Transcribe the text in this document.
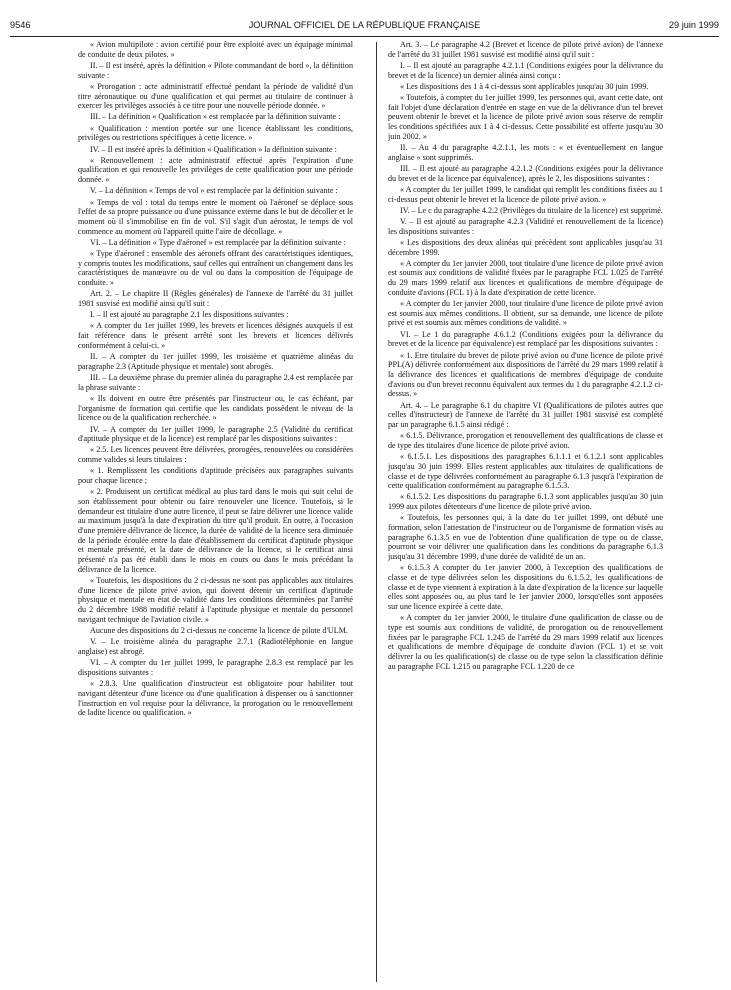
9546	JOURNAL OFFICIEL DE LA RÉPUBLIQUE FRANÇAISE	29 juin 1999

« Avion multipilote : avion certifié pour être exploité avec un équipage minimal de conduite de deux pilotes. »

II. – Il est inséré, après la définition « Pilote commandant de bord », la définition suivante :

« Prorogation : acte administratif effectué pendant la période de validité d'un titre aéronautique ou d'une qualification et qui permet au titulaire de continuer à exercer les privilèges associés à ce titre pour une nouvelle période donnée. »

III. – La définition « Qualification » est remplacée par la définition suivante :

« Qualification : mention portée sur une licence établissant les conditions, privilèges ou restrictions spécifiques à cette licence. »

IV. – Il est inséré après la définition « Qualification » la définition suivante :

« Renouvellement : acte administratif effectué après l'expiration d'une qualification et qui renouvelle les privilèges de cette qualification pour une période donnée. »

V. – La définition « Temps de vol » est remplacée par la définition suivante :

« Temps de vol : total du temps entre le moment où l'aéronef se déplace sous l'effet de sa propre puissance ou d'une puissance externe dans le but de décoller et le moment où il s'immobilise en fin de vol. S'il s'agit d'un aérostat, le temps de vol commence au moment où l'appareil quitte l'aire de décollage. »

VI. – La définition « Type d'aéronef » est remplacée par la définition suivante :

« Type d'aéronef : ensemble des aéronefs offrant des caractéristiques identiques, y compris toutes les modifications, sauf celles qui entraînent un changement dans les caractéristiques de manœuvre ou de vol ou dans la composition de l'équipage de conduite. »

Art. 2. – Le chapitre II (Règles générales) de l'annexe de l'arrêté du 31 juillet 1981 susvisé est modifié ainsi qu'il suit :

I. – Il est ajouté au paragraphe 2.1 les dispositions suivantes :

« A compter du 1er juillet 1999, les brevets et licences désignés auxquels il est fait référence dans le présent arrêté sont les brevets et licences délivrés conformément à celui-ci. »

II. – A compter du 1er juillet 1999, les troisième et quatrième alinéas du paragraphe 2.3 (Aptitude physique et mentale) sont abrogés.

III. – La deuxième phrase du premier alinéa du paragraphe 2.4 est remplacée par la phrase suivante :

« Ils doivent en outre être présentés par l'instructeur ou, le cas échéant, par l'organisme de formation qui certifie que les candidats possèdent le niveau de la licence ou de la qualification recherchée. »

IV. – A compter du 1er juillet 1999, le paragraphe 2.5 (Validité du certificat d'aptitude physique et de la licence) est remplacé par les dispositions suivantes :

« 2.5. Les licences peuvent être délivrées, prorogées, renouvelées ou considérées comme valides si leurs titulaires :

« 1. Remplissent les conditions d'aptitude précisées aux paragraphes suivants pour chaque licence ;

« 2. Produisent un certificat médical au plus tard dans le mois qui suit celui de son établissement pour obtenir ou faire renouveler une licence. Toutefois, si le demandeur est titulaire d'une autre licence, il peut se faire délivrer une licence valide au maximum jusqu'à la date d'expiration du titre qu'il produit. En outre, à l'occasion d'une première délivrance de licence, la durée de validité de la licence sera diminuée de la période écoulée entre la date d'établissement du certificat d'aptitude physique et mentale présenté, et la date de délivrance de la licence, si le certificat ainsi présenté n'a pas été établi dans le mois en cours ou dans le mois précédant la délivrance de la licence.

« Toutefois, les dispositions du 2 ci-dessus ne sont pas applicables aux titulaires d'une licence de pilote privé avion, qui doivent détenir un certificat d'aptitude physique et mentale en état de validité dans les conditions déterminées par l'arrêté du 2 décembre 1988 modifié relatif à l'aptitude physique et mentale du personnel navigant technique de l'aviation civile. »

Aucune des dispositions du 2 ci-dessus ne concerne la licence de pilote d'ULM.

V. – Le troisième alinéa du paragraphe 2.7.1 (Radiotéléphonie en langue anglaise) est abrogé.

VI. – A compter du 1er juillet 1999, le paragraphe 2.8.3 est remplacé par les dispositions suivantes :

« 2.8.3. Une qualification d'instructeur est obligatoire pour habiliter tout navigant détenteur d'une licence ou d'une qualification à dispenser ou à sanctionner l'instruction en vol requise pour la délivrance, la prorogation ou le renouvellement de ladite licence ou qualification. »

Art. 3. – Le paragraphe 4.2 (Brevet et licence de pilote privé avion) de l'annexe de l'arrêté du 31 juillet 1981 susvisé est modifié ainsi qu'il suit :

I. – Il est ajouté au paragraphe 4.2.1.1 (Conditions exigées pour la délivrance du brevet et de la licence) un dernier alinéa ainsi conçu :

« Les dispositions des 1 à 4 ci-dessus sont applicables jusqu'au 30 juin 1999.

« Toutefois, à compter du 1er juillet 1999, les personnes qui, avant cette date, ont fait l'objet d'une déclaration d'entrée en stage en vue de la délivrance d'un tel brevet peuvent obtenir le brevet et la licence de pilote privé avion sous réserve de remplir les conditions spécifiées aux 1 à 4 ci-dessus. Cette possibilité est offerte jusqu'au 30 juin 2002. »

II. – Au 4 du paragraphe 4.2.1.1, les mots : « et éventuellement en langue anglaise » sont supprimés.

III. – Il est ajouté au paragraphe 4.2.1.2 (Conditions exigées pour la délivrance du brevet et de la licence par équivalence), après le 2, les dispositions suivantes :

« A compter du 1er juillet 1999, le candidat qui remplit les conditions fixées au 1 ci-dessus peut obtenir le brevet et la licence de pilote privé avion. »

IV. – Le c du paragraphe 4.2.2 (Privilèges du titulaire de la licence) est supprimé.

V. – Il est ajouté au paragraphe 4.2.3 (Validité et renouvellement de la licence) les dispositions suivantes :

« Les dispositions des deux alinéas qui précèdent sont applicables jusqu'au 31 décembre 1999.

« A compter du 1er janvier 2000, tout titulaire d'une licence de pilote privé avion est soumis aux conditions de validité fixées par le paragraphe FCL 1.025 de l'arrêté du 29 mars 1999 relatif aux licences et qualifications de membre d'équipage de conduite d'avions (FCL 1) à la date d'expiration de cette licence.

« A compter du 1er janvier 2000, tout titulaire d'une licence de pilote privé avion est soumis aux mêmes conditions. Il obtient, sur sa demande, une licence de pilote privé et est soumis aux mêmes conditions de validité. »

VI. – Le 1 du paragraphe 4.6.1.2 (Conditions exigées pour la délivrance du brevet et de la licence par équivalence) est remplacé par les dispositions suivantes :

« 1. Etre titulaire du brevet de pilote privé avion ou d'une licence de pilote privé PPL(A) délivrée conformément aux dispositions de l'arrêté du 29 mars 1999 relatif à la délivrance des licences et qualifications de membres d'équipage de conduite d'avions ou d'un brevet reconnu équivalent aux termes du 1 du paragraphe 4.2.1.2 ci-dessus. »

Art. 4. – Le paragraphe 6.1 du chapitre VI (Qualifications de pilotes autres que celles d'instructeur) de l'annexe de l'arrêté du 31 juillet 1981 susvisé est complété par un paragraphe 6.1.5 ainsi rédigé :

« 6.1.5. Délivrance, prorogation et renouvellement des qualifications de classe et de type des titulaires d'une licence de pilote privé avion.

« 6.1.5.1. Les dispositions des paragraphes 6.1.1.1 et 6.1.2.1 sont applicables jusqu'au 30 juin 1999. Elles restent applicables aux titulaires de qualifications de classe et de type délivrées conformément au paragraphe 6.1.3 jusqu'à l'expiration de cette qualification conformément au paragraphe 6.1.5.3.

« 6.1.5.2. Les dispositions du paragraphe 6.1.3 sont applicables jusqu'au 30 juin 1999 aux pilotes détenteurs d'une licence de pilote privé avion.

« Toutefois, les personnes qui, à la date du 1er juillet 1999, ont débuté une formation, selon l'attestation de l'instructeur ou de l'organisme de formation visés au paragraphe 6.1.3.5 en vue de l'obtention d'une qualification de type ou de classe, pourront se voir délivrer une qualification dans les conditions du paragraphe 6.1.3 jusqu'au 31 décembre 1999, d'une durée de validité de un an.

« 6.1.5.3 A compter du 1er janvier 2000, à l'exception des qualifications de classe et de type délivrées selon les dispositions du 6.1.5.2, les qualifications de classe et de type viennent à expiration à la date d'expiration de la licence sur laquelle elles sont apposées ou, au plus tard le 1er janvier 2000, lorsqu'elles sont apposées sur une licence expirée à cette date.

« A compter du 1er janvier 2000, le titulaire d'une qualification de classe ou de type est soumis aux conditions de validité, de prorogation ou de renouvellement fixées par le paragraphe FCL 1.245 de l'arrêté du 29 mars 1999 relatif aux licences et qualifications de membre d'équipage de conduite d'avion (FCL 1) et se voit délivrer la ou les qualification(s) de classe ou de type selon la classification définie au paragraphe FCL 1.215 ou paragraphe FCL 1.220 de ce
